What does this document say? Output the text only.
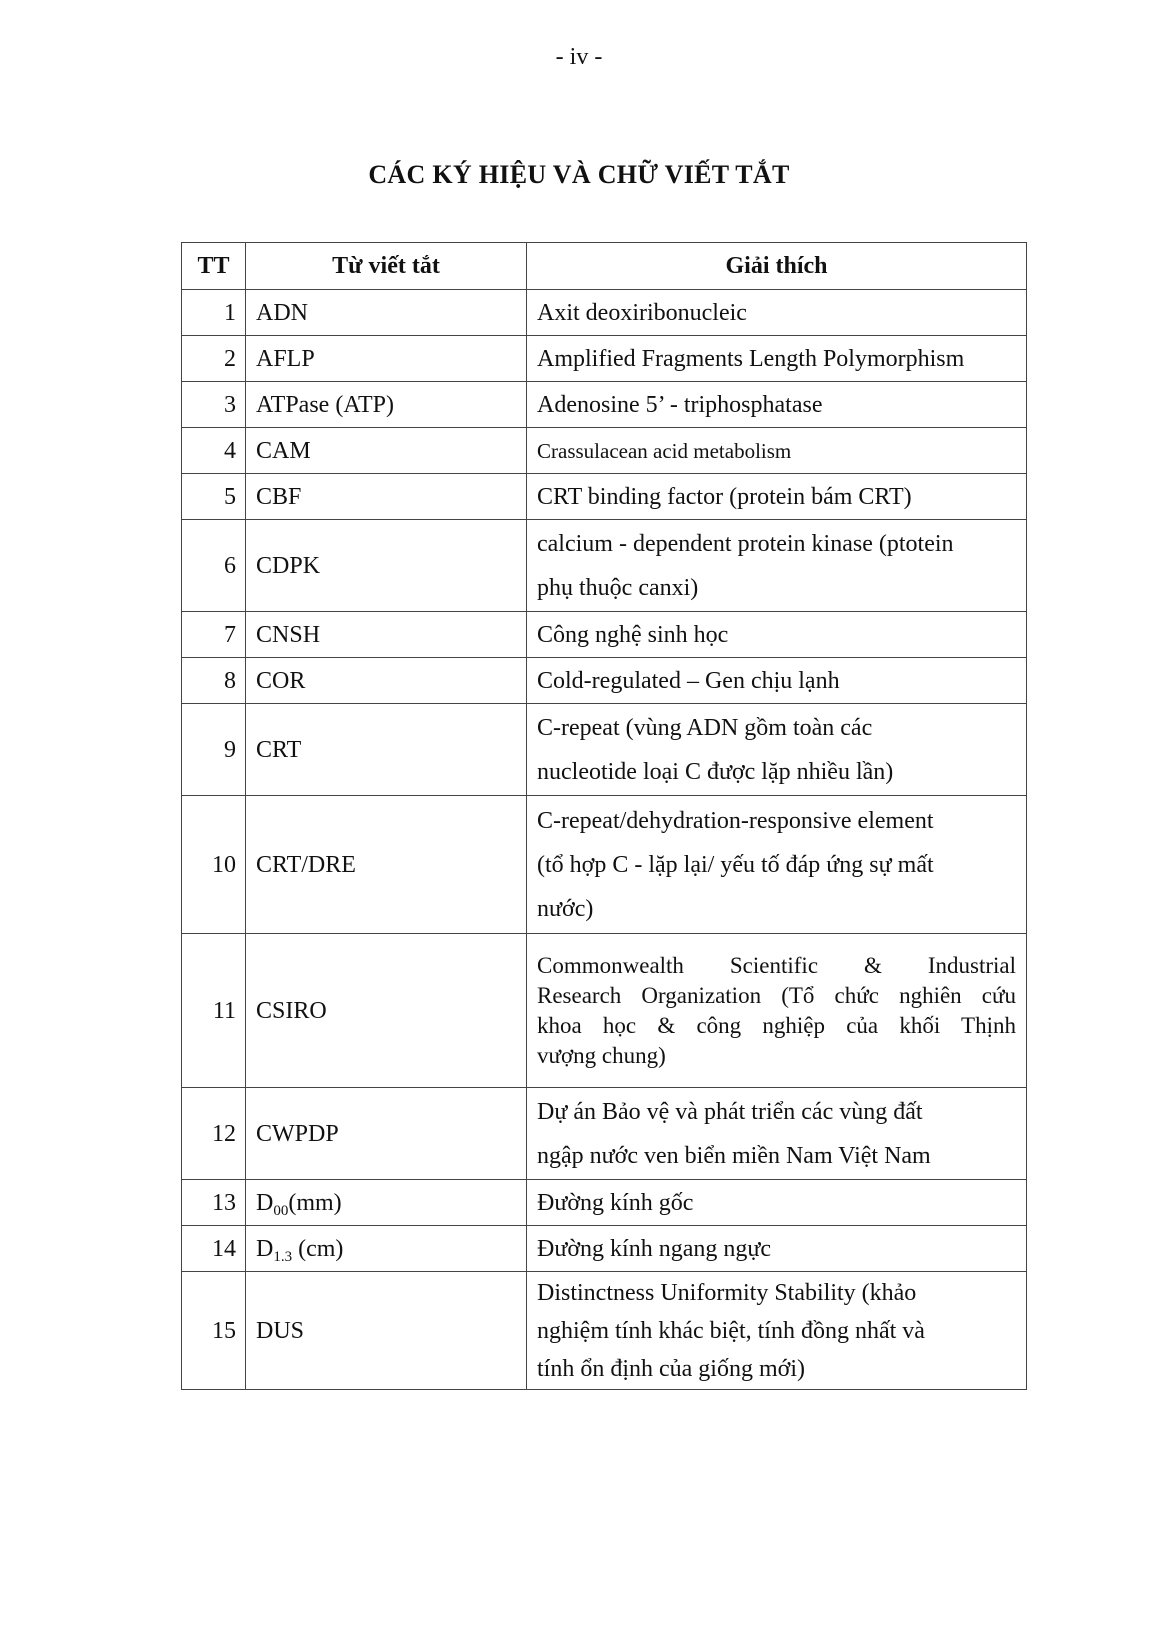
- iv -
CÁC KÝ HIỆU VÀ CHỮ VIẾT TẮT
TT	Từ viết tắt	Giải thích
1	ADN	Axit deoxiribonucleic
2	AFLP	Amplified Fragments Length Polymorphism
3	ATPase (ATP)	Adenosine 5’ - triphosphatase
4	CAM	Crassulacean acid metabolism
5	CBF	CRT binding factor (protein bám CRT)
6	CDPK	calcium - dependent protein kinase (ptotein
phụ thuộc canxi)

7	CNSH	Công nghệ sinh học
8	COR	Cold-regulated – Gen chịu lạnh
9	CRT	C-repeat (vùng ADN gồm toàn các
nucleotide loại C được lặp nhiều lần)

10	CRT/DRE	C-repeat/dehydration-responsive element
(tổ hợp C - lặp lại/ yếu tố đáp ứng sự mất
nước)

11	CSIRO	Commonwealth Scientific & Industrial
Research Organization (Tổ chức nghiên cứu
khoa học & công nghiệp của khối Thịnh
vượng chung)

12	CWPDP	Dự án Bảo vệ và phát triển các vùng đất
ngập nước ven biển miền Nam Việt Nam

13	$D_{00}(mm)$	Đường kính gốc
14	$D_{1.3}$ (cm)	Đường kính ngang ngực
15	DUS	Distinctness Uniformity Stability (khảo
nghiệm tính khác biệt, tính đồng nhất và
tính ổn định của giống mới)
